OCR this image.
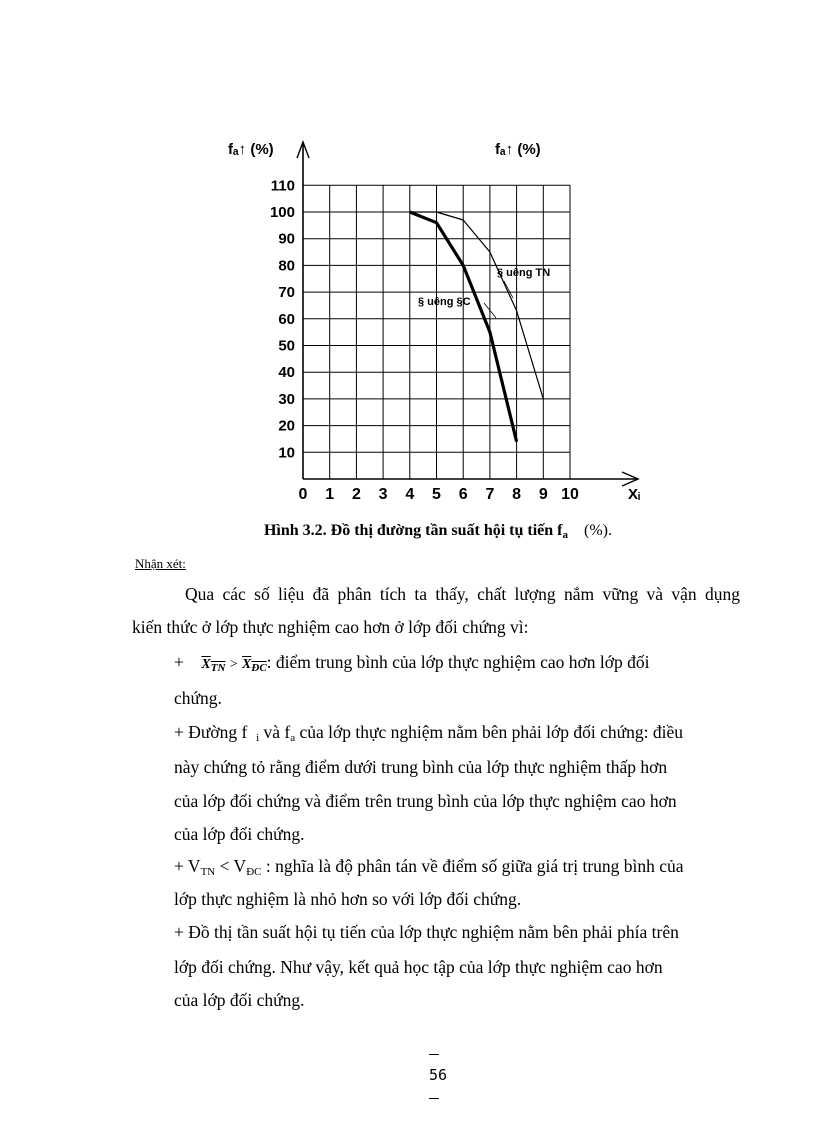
0 1 2 3 4 5 6 7 8 9 10
10
20
30
40
50
60
70
80
90
100
110
fₐ↑ (%)	fₐ↑ (%)
Xᵢ
§ uêng TN
§ uêng §C
Hình 3.2. Đồ thị đường tần suất hội tụ tiến $f_a$ (%).
Nhận xét:
Qua các số liệu đã phân tích ta thấy, chất lượng nắm vững và vận dụng
kiến thức ở lớp thực nghiệm cao hơn ở lớp đối chứng vì:
+ $X_{TN} > X_{ĐC}$: điểm trung bình của lớp thực nghiệm cao hơn lớp đối
chứng.
+ Đường f $_i$ và $f_a$ của lớp thực nghiệm nằm bên phải lớp đối chứng: điều
này chứng tỏ rằng điểm dưới trung bình của lớp thực nghiệm thấp hơn
của lớp đối chứng và điểm trên trung bình của lớp thực nghiệm cao hơn
của lớp đối chứng.
+ $V_{TN} < V_{ĐC}$ : nghĩa là độ phân tán về điểm số giữa giá trị trung bình của
lớp thực nghiệm là nhỏ hơn so với lớp đối chứng.
+ Đồ thị tần suất hội tụ tiến của lớp thực nghiệm nằm bên phải phía trên
lớp đối chứng. Như vậy, kết quả học tập của lớp thực nghiệm cao hơn
của lớp đối chứng.
56
